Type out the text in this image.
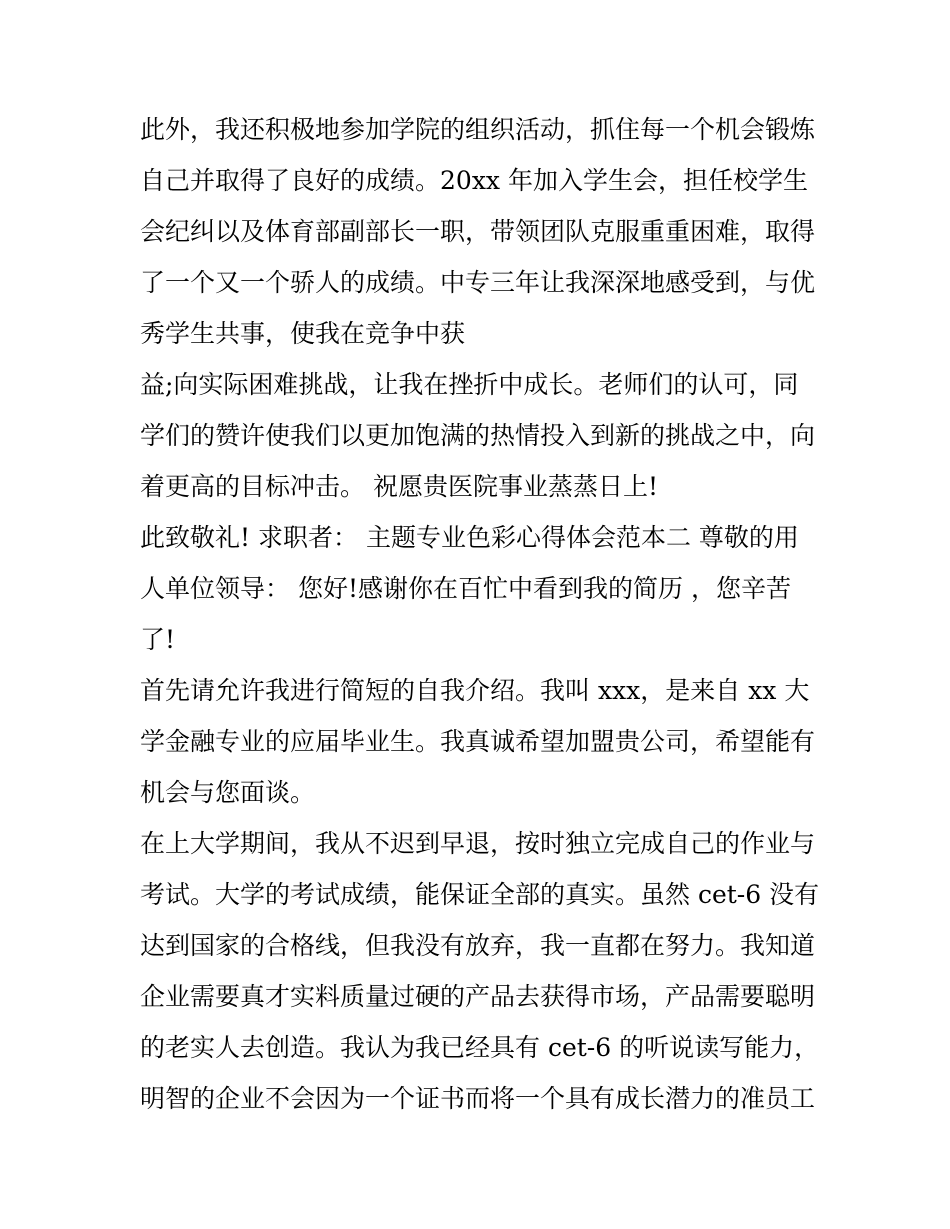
此外，我还积极地参加学院的组织活动，抓住每一个机会锻炼
自己并取得了良好的成绩。20xx 年加入学生会，担任校学生
会纪纠以及体育部副部长一职，带领团队克服重重困难，取得
了一个又一个骄人的成绩。中专三年让我深深地感受到，与优
秀学生共事，使我在竞争中获
益;向实际困难挑战，让我在挫折中成长。老师们的认可，同
学们的赞许使我们以更加饱满的热情投入到新的挑战之中，向
着更高的目标冲击。 祝愿贵医院事业蒸蒸日上!
此致敬礼! 求职者： 主题专业色彩心得体会范本二 尊敬的用
人单位领导： 您好!感谢你在百忙中看到我的简历 ，您辛苦
了!
首先请允许我进行简短的自我介绍。我叫 xxx，是来自 xx 大
学金融专业的应届毕业生。我真诚希望加盟贵公司，希望能有
机会与您面谈。
在上大学期间，我从不迟到早退，按时独立完成自己的作业与
考试。大学的考试成绩，能保证全部的真实。虽然 cet-6 没有
达到国家的合格线，但我没有放弃，我一直都在努力。我知道
企业需要真才实料质量过硬的产品去获得市场，产品需要聪明
的老实人去创造。我认为我已经具有 cet-6 的听说读写能力，
明智的企业不会因为一个证书而将一个具有成长潜力的准员工
